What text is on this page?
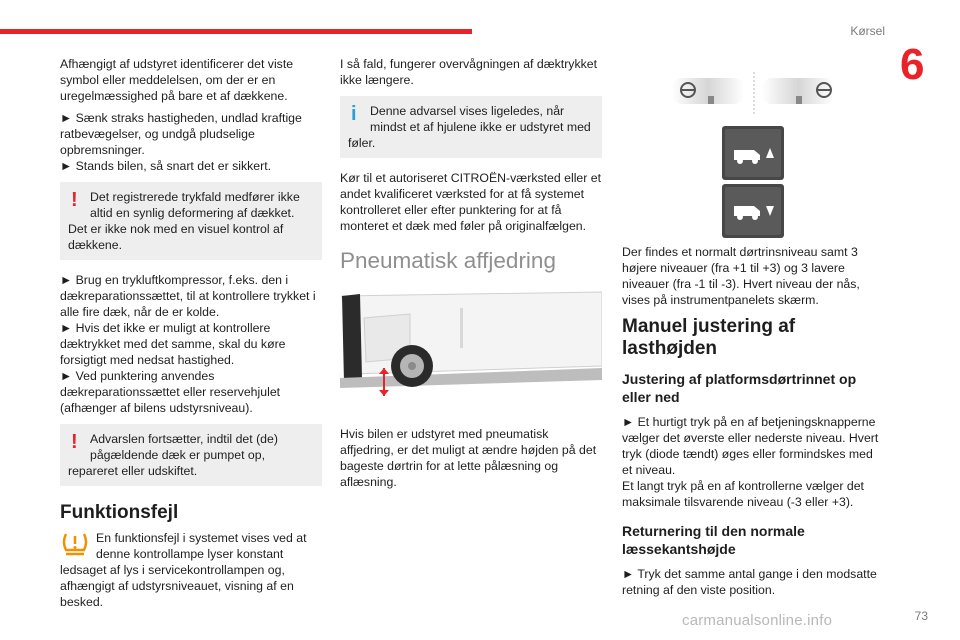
Kørsel
6

Afhængigt af udstyret identificerer det viste symbol eller meddelelsen, om der er en uregelmæssighed på bare et af dækkene.

► Sænk straks hastigheden, undlad kraftige ratbevægelser, og undgå pludselige opbremsninger.

► Stands bilen, så snart det er sikkert.

!	Det registrerede trykfald medfører ikke altid en synlig deformering af dækket.
Det er ikke nok med en visuel kontrol af dækkene.

► Brug en trykluftkompressor, f.eks. den i dækreparationssættet, til at kontrollere trykket i alle fire dæk, når de er kolde.

► Hvis det ikke er muligt at kontrollere dæktrykket med det samme, skal du køre forsigtigt med nedsat hastighed.

► Ved punktering anvendes dækreparationssættet eller reservehjulet (afhænger af bilens udstyrsniveau).

!	Advarslen fortsætter, indtil det (de) pågældende dæk er pumpet op,
repareret eller udskiftet.
Funktionsfejl
En funktionsfejl i systemet vises ved at denne kontrollampe lyser konstant

ledsaget af lys i servicekontrollampen og, afhængigt af udstyrsniveauet, visning af en besked.

I så fald, fungerer overvågningen af dæktrykket ikke længere.

i	Denne advarsel vises ligeledes, når mindst et af hjulene ikke er udstyret med
føler.

Kør til et autoriseret CITROËN-værksted eller et andet kvalificeret værksted for at få systemet kontrolleret eller efter punktering for at få monteret et dæk med føler på originalfælgen.

Pneumatisk affjedring

Hvis bilen er udstyret med pneumatisk affjedring, er det muligt at ændre højden på det bageste dørtrin for at lette pålæsning og aflæsning.

Der findes et normalt dørtrinsniveau samt 3 højere niveauer (fra +1 til +3) og 3 lavere niveauer (fra -1 til -3). Hvert niveau der nås, vises på instrumentpanelets skærm.

Manuel justering af lasthøjden
Justering af platformsdørtrinnet op eller ned

► Et hurtigt tryk på en af betjeningsknapperne vælger det øverste eller nederste niveau. Hvert tryk (diode tændt) øges eller formindskes med et niveau.

Et langt tryk på en af kontrollerne vælger det maksimale tilsvarende niveau (-3 eller +3).

Returnering til den normale læssekantshøjde

► Tryk det samme antal gange i den modsatte retning af den viste position.

carmanualsonline.info	73
